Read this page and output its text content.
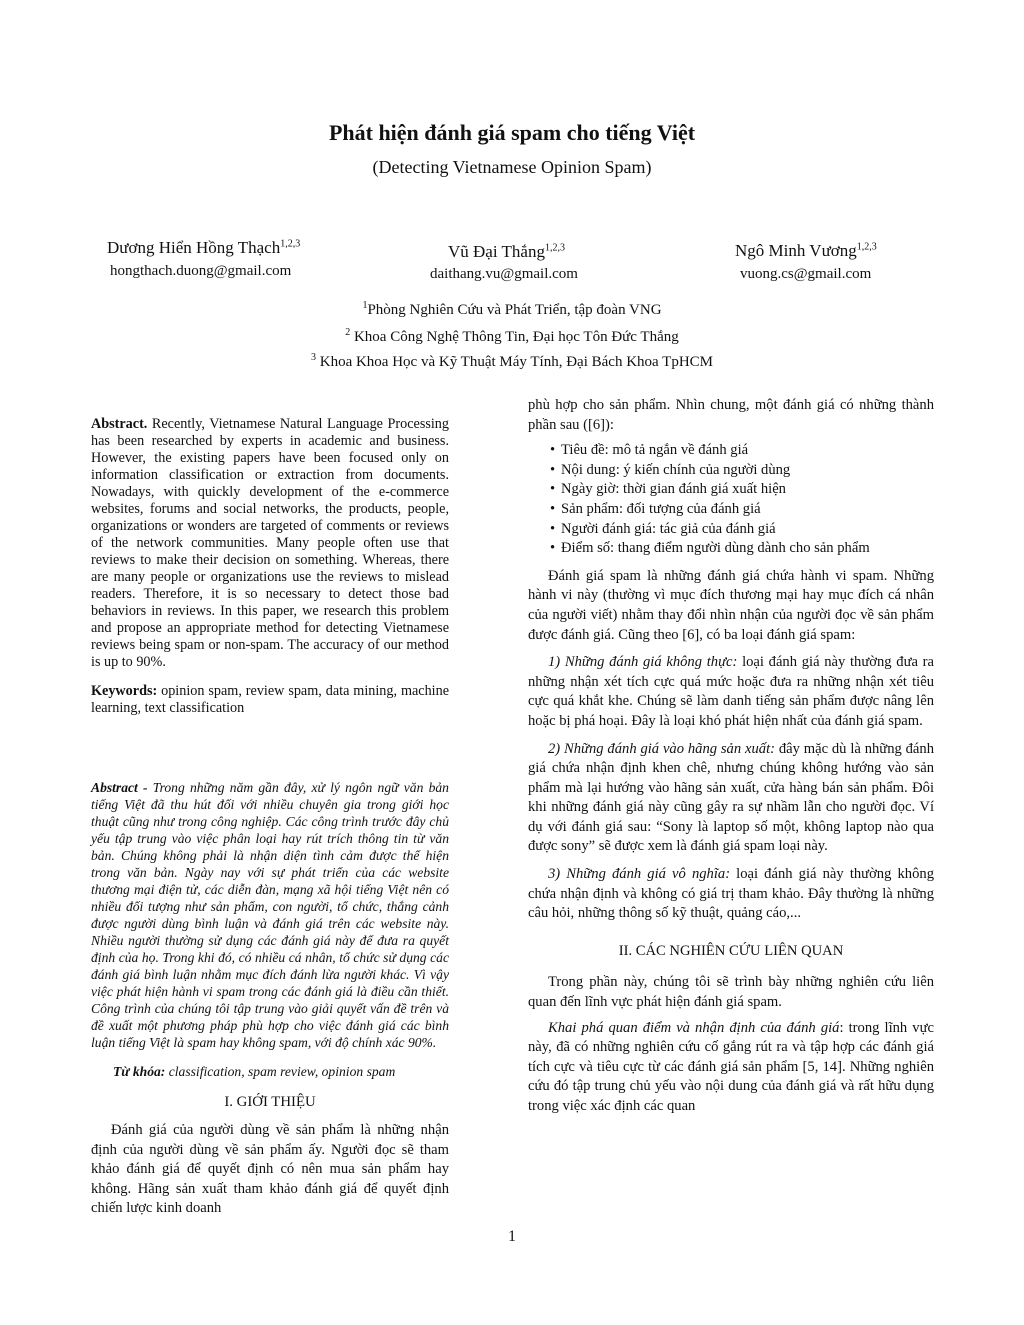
Phát hiện đánh giá spam cho tiếng Việt
(Detecting Vietnamese Opinion Spam)
Dương Hiển Hồng Thạch$^{1,2,3}$
hongthach.duong@gmail.com
Vũ Đại Thắng$^{1,2,3}$
daithang.vu@gmail.com
Ngô Minh Vương$^{1,2,3}$
vuong.cs@gmail.com
$^1$Phòng Nghiên Cứu và Phát Triển, tập đoàn VNG
$^2$ Khoa Công Nghệ Thông Tin, Đại học Tôn Đức Thắng
$^3$ Khoa Khoa Học và Kỹ Thuật Máy Tính, Đại Bách Khoa TpHCM

Abstract. Recently, Vietnamese Natural Language Processing has been researched by experts in academic and business. However, the existing papers have been focused only on information classification or extraction from documents. Nowadays, with quickly development of the e-commerce websites, forums and social networks, the products, people, organizations or wonders are targeted of comments or reviews of the network communities. Many people often use that reviews to make their decision on something. Whereas, there are many people or organizations use the reviews to mislead readers. Therefore, it is so necessary to detect those bad behaviors in reviews. In this paper, we research this problem and propose an appropriate method for detecting Vietnamese reviews being spam or non-spam. The accuracy of our method is up to 90%.

Keywords: opinion spam, review spam, data mining, machine learning, text classification

Abstract - Trong những năm gần đây, xử lý ngôn ngữ văn bản tiếng Việt đã thu hút đối với nhiều chuyên gia trong giới học thuật cũng như trong công nghiệp. Các công trình trước đây chủ yếu tập trung vào việc phân loại hay rút trích thông tin từ văn bản. Chúng không phải là nhận diện tình cảm được thể hiện trong văn bản. Ngày nay với sự phát triển của các website thương mại điện tử, các diễn đàn, mạng xã hội tiếng Việt nên có nhiều đối tượng như sản phẩm, con người, tổ chức, thắng cảnh được người dùng bình luận và đánh giá trên các website này. Nhiều người thường sử dụng các đánh giá này để đưa ra quyết định của họ. Trong khi đó, có nhiều cá nhân, tổ chức sử dụng các đánh giá bình luận nhằm mục đích đánh lừa người khác. Vì vậy việc phát hiện hành vi spam trong các đánh giá là điều cần thiết. Công trình của chúng tôi tập trung vào giải quyết vấn đề trên và đề xuất một phương pháp phù hợp cho việc đánh giá các bình luận tiếng Việt là spam hay không spam, với độ chính xác 90%.

Từ khóa: classification, spam review, opinion spam

I. GIỚI THIỆU

Đánh giá của người dùng về sản phẩm là những nhận định của người dùng về sản phẩm ấy. Người đọc sẽ tham khảo đánh giá để quyết định có nên mua sản phẩm hay không. Hãng sản xuất tham khảo đánh giá để quyết định chiến lược kinh doanh

phù hợp cho sản phẩm. Nhìn chung, một đánh giá có những thành phần sau ([6]):

• Tiêu đề: mô tả ngắn về đánh giá
• Nội dung: ý kiến chính của người dùng
• Ngày giờ: thời gian đánh giá xuất hiện
• Sản phẩm: đối tượng của đánh giá
• Người đánh giá: tác giả của đánh giá
• Điểm số: thang điểm người dùng dành cho sản phẩm

Đánh giá spam là những đánh giá chứa hành vi spam. Những hành vi này (thường vì mục đích thương mại hay mục đích cá nhân của người viết) nhằm thay đổi nhìn nhận của người đọc về sản phẩm được đánh giá. Cũng theo [6], có ba loại đánh giá spam:

1) Những đánh giá không thực: loại đánh giá này thường đưa ra những nhận xét tích cực quá mức hoặc đưa ra những nhận xét tiêu cực quá khắt khe. Chúng sẽ làm danh tiếng sản phẩm được nâng lên hoặc bị phá hoại. Đây là loại khó phát hiện nhất của đánh giá spam.

2) Những đánh giá vào hãng sản xuất: đây mặc dù là những đánh giá chứa nhận định khen chê, nhưng chúng không hướng vào sản phẩm mà lại hướng vào hãng sản xuất, cửa hàng bán sản phẩm. Đôi khi những đánh giá này cũng gây ra sự nhầm lẫn cho người đọc. Ví dụ với đánh giá sau: “Sony là laptop số một, không laptop nào qua được sony” sẽ được xem là đánh giá spam loại này.

3) Những đánh giá vô nghĩa: loại đánh giá này thường không chứa nhận định và không có giá trị tham khảo. Đây thường là những câu hỏi, những thông số kỹ thuật, quảng cáo,...

II. CÁC NGHIÊN CỨU LIÊN QUAN

Trong phần này, chúng tôi sẽ trình bày những nghiên cứu liên quan đến lĩnh vực phát hiện đánh giá spam.

Khai phá quan điểm và nhận định của đánh giá: trong lĩnh vực này, đã có những nghiên cứu cố gắng rút ra và tập hợp các đánh giá tích cực và tiêu cực từ các đánh giá sản phẩm [5, 14]. Những nghiên cứu đó tập trung chủ yếu vào nội dung của đánh giá và rất hữu dụng trong việc xác định các quan

1
